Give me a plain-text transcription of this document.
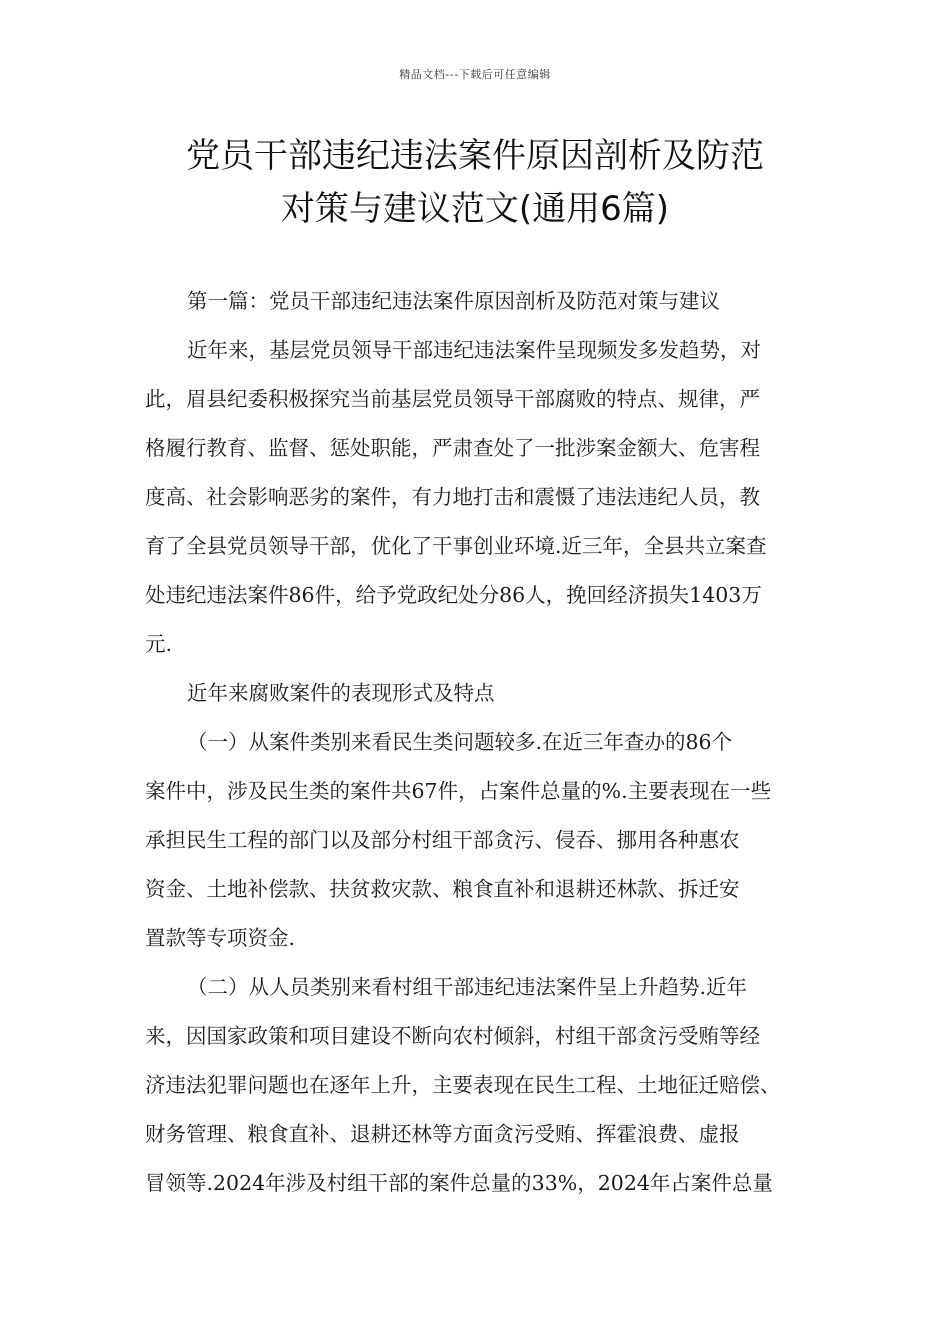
精品文档---下载后可任意编辑
党员干部违纪违法案件原因剖析及防范
对策与建议范文(通用6篇)
第一篇：党员干部违纪违法案件原因剖析及防范对策与建议
近年来，基层党员领导干部违纪违法案件呈现频发多发趋势，对
此，眉县纪委积极探究当前基层党员领导干部腐败的特点、规律，严
格履行教育、监督、惩处职能，严肃查处了一批涉案金额大、危害程
度高、社会影响恶劣的案件，有力地打击和震慑了违法违纪人员，教
育了全县党员领导干部，优化了干事创业环境.近三年，全县共立案查
处违纪违法案件86件，给予党政纪处分86人，挽回经济损失1403万
元.
近年来腐败案件的表现形式及特点
（一）从案件类别来看民生类问题较多.在近三年查办的86个
案件中，涉及民生类的案件共67件，占案件总量的%.主要表现在一些
承担民生工程的部门以及部分村组干部贪污、侵吞、挪用各种惠农
资金、土地补偿款、扶贫救灾款、粮食直补和退耕还林款、拆迁安
置款等专项资金.
（二）从人员类别来看村组干部违纪违法案件呈上升趋势.近年
来，因国家政策和项目建设不断向农村倾斜，村组干部贪污受贿等经
济违法犯罪问题也在逐年上升，主要表现在民生工程、土地征迁赔偿、
财务管理、粮食直补、退耕还林等方面贪污受贿、挥霍浪费、虚报
冒领等.2024年涉及村组干部的案件总量的33%，2024年占案件总量
